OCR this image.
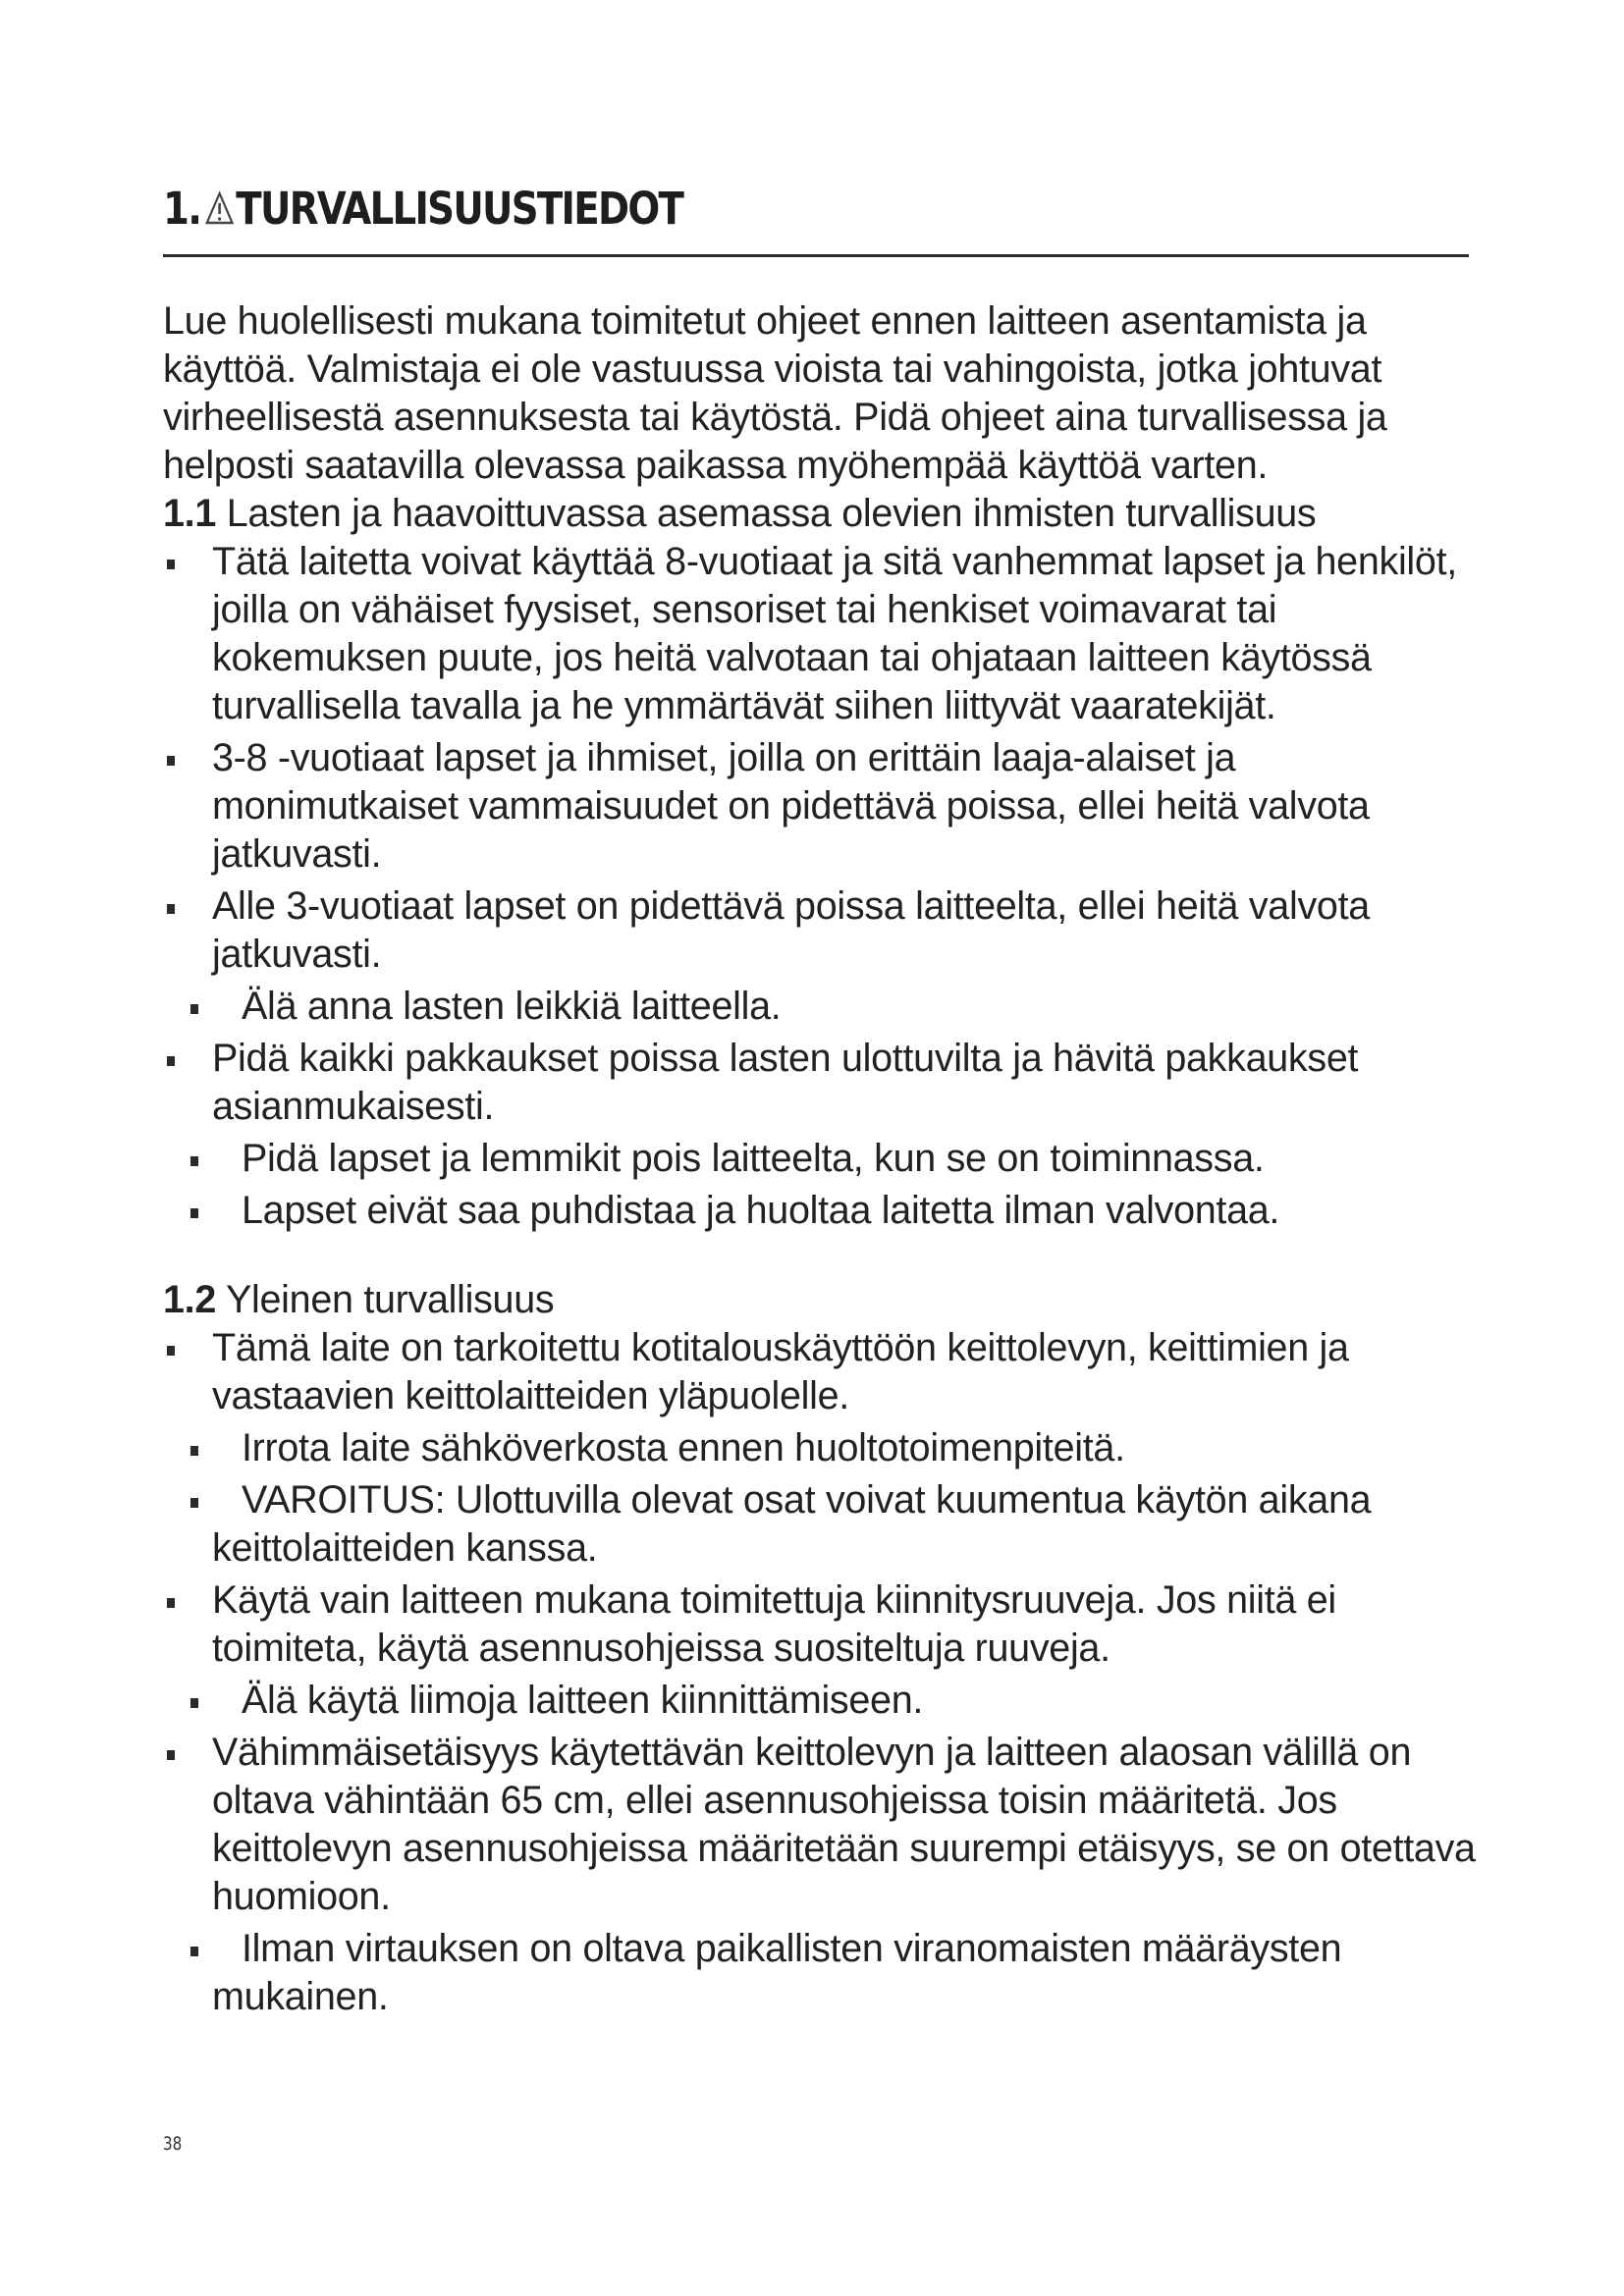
1. TURVALLISUUSTIEDOT

Lue huolellisesti mukana toimitetut ohjeet ennen laitteen asentamista ja käyttöä. Valmistaja ei ole vastuussa vioista tai vahingoista, jotka johtuvat virheellisestä asennuksesta tai käytöstä. Pidä ohjeet aina turvallisessa ja helposti saatavilla olevassa paikassa myöhempää käyttöä varten.

1.1 Lasten ja haavoittuvassa asemassa olevien ihmisten turvallisuus

Tätä laitetta voivat käyttää 8-vuotiaat ja sitä vanhemmat lapset ja henkilöt, joilla on vähäiset fyysiset, sensoriset tai henkiset voimavarat tai kokemuksen puute, jos heitä valvotaan tai ohjataan laitteen käytössä turvallisella tavalla ja he ymmärtävät siihen liittyvät vaaratekijät.
3-8 -vuotiaat lapset ja ihmiset, joilla on erittäin laaja-alaiset ja monimutkaiset vammaisuudet on pidettävä poissa, ellei heitä valvota jatkuvasti.
Alle 3-vuotiaat lapset on pidettävä poissa laitteelta, ellei heitä valvota jatkuvasti.
Älä anna lasten leikkiä laitteella.
Pidä kaikki pakkaukset poissa lasten ulottuvilta ja hävitä pakkaukset asianmukaisesti.
Pidä lapset ja lemmikit pois laitteelta, kun se on toiminnassa.
Lapset eivät saa puhdistaa ja huoltaa laitetta ilman valvontaa.

1.2 Yleinen turvallisuus

Tämä laite on tarkoitettu kotitalouskäyttöön keittolevyn, keittimien ja vastaavien keittolaitteiden yläpuolelle.
Irrota laite sähköverkosta ennen huoltotoimenpiteitä.
VAROITUS: Ulottuvilla olevat osat voivat kuumentua käytön aikana keittolaitteiden kanssa.
Käytä vain laitteen mukana toimitettuja kiinnitysruuveja. Jos niitä ei toimiteta, käytä asennusohjeissa suositeltuja ruuveja.
Älä käytä liimoja laitteen kiinnittämiseen.
Vähimmäisetäisyys käytettävän keittolevyn ja laitteen alaosan välillä on oltava vähintään 65 cm, ellei asennusohjeissa toisin määritetä. Jos keittolevyn asennusohjeissa määritetään suurempi etäisyys, se on otettava huomioon.
Ilman virtauksen on oltava paikallisten viranomaisten määräysten mukainen.
38
